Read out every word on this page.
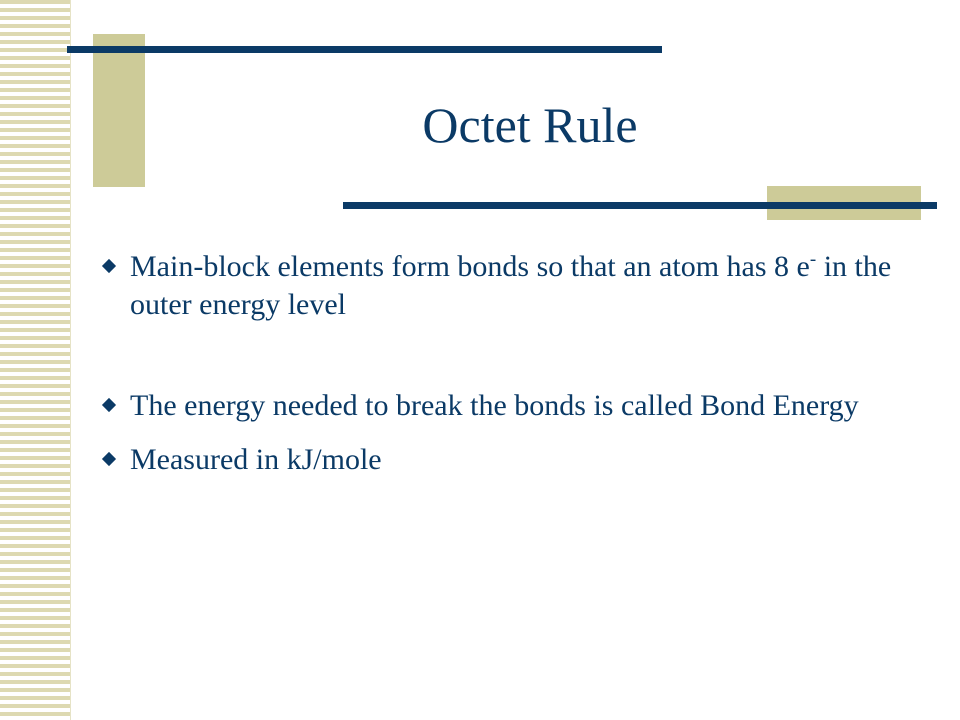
Octet Rule
Main-block elements form bonds so that an atom has 8 e- in the outer energy level
The energy needed to break the bonds is called Bond Energy
Measured in kJ/mole
